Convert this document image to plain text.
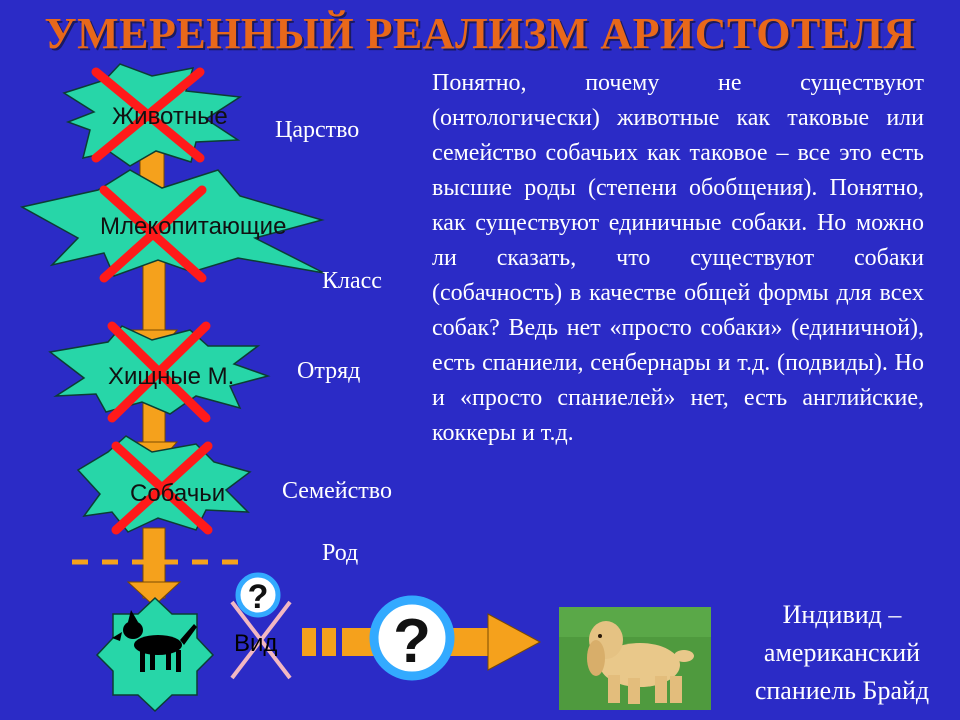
УМЕРЕННЫЙ РЕАЛИЗМ АРИСТОТЕЛЯ
?
?
Животные
Млекопитающие
Хищные М.
Собачьи
Вид
Царство
Класс
Отряд
Семейство
Род
Понятно, почему не существуют (онтологически) животные как таковые или семейство собачьих как таковое – все это есть высшие роды (степени обобщения). Понятно, как существуют единичные собаки. Но можно ли сказать, что существуют собаки (собачность) в качестве общей формы для всех собак? Ведь нет «просто собаки» (единичной), есть спаниели, сенбернары и т.д. (подвиды). Но и «просто спаниелей» нет, есть английские, коккеры и т.д.
Индивид –
американский
спаниель Брайд
